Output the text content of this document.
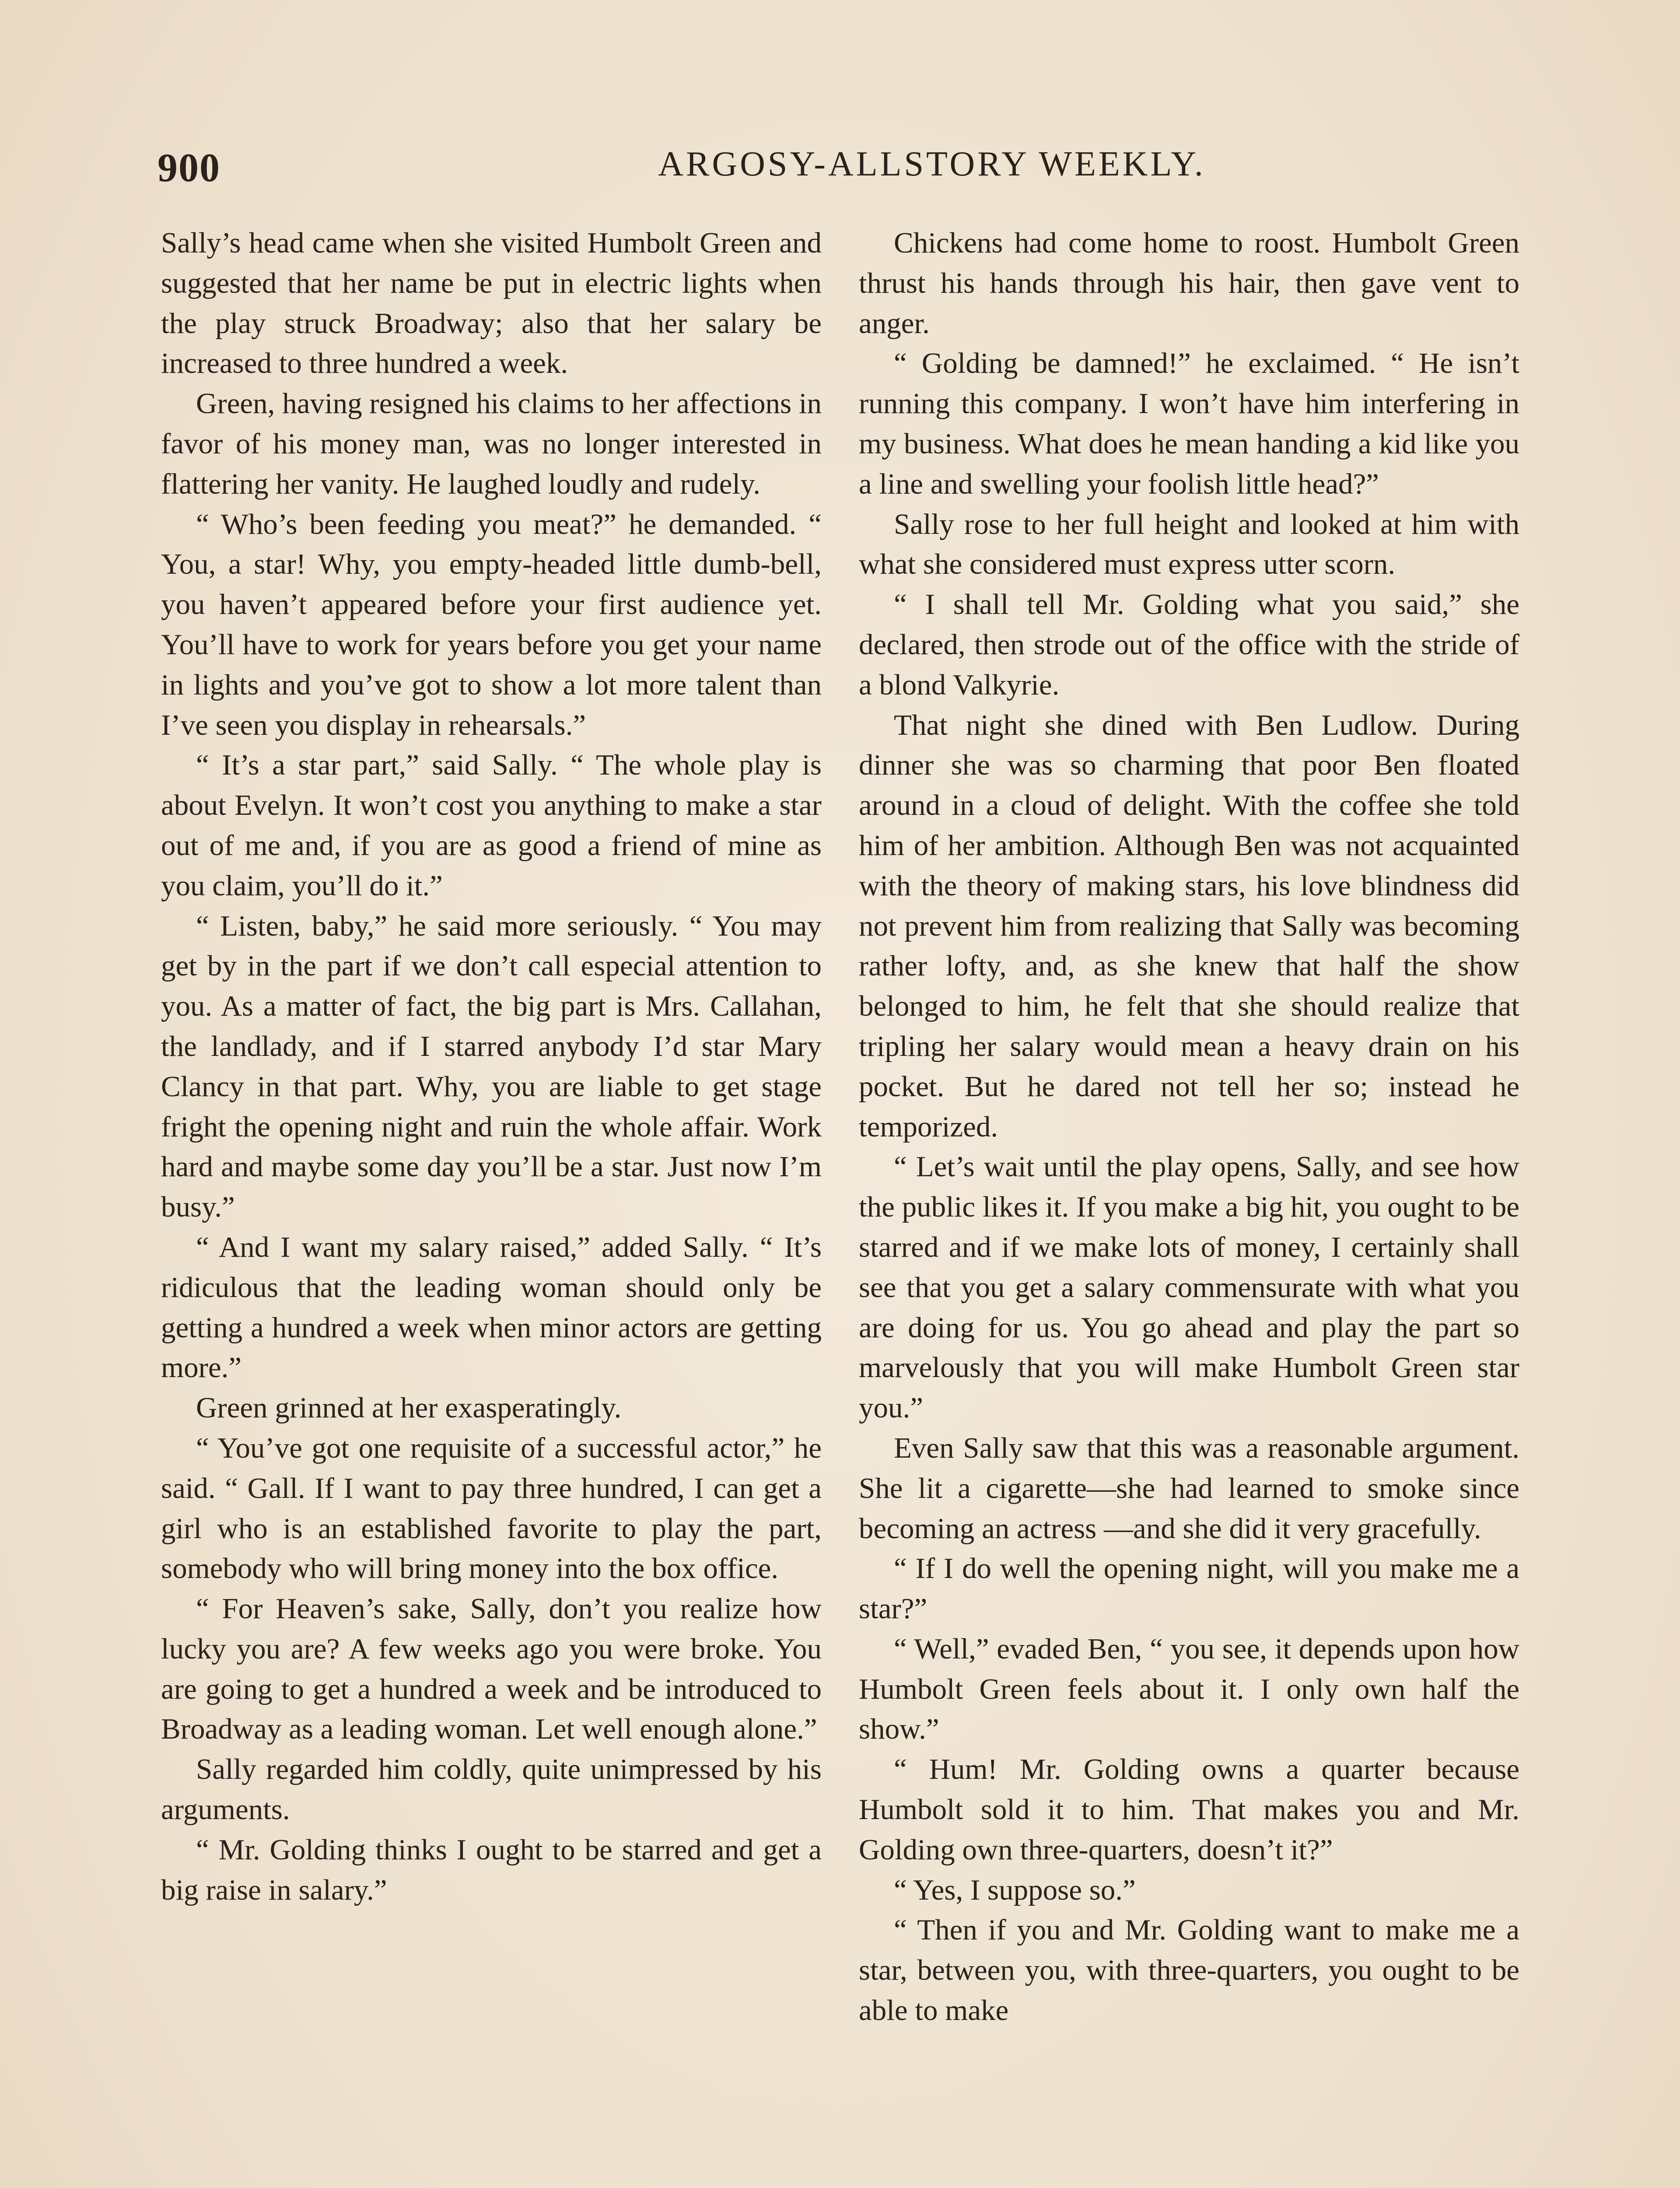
900	ARGOSY-ALLSTORY WEEKLY.

Sally’s head came when she visited Humbolt Green and suggested that her name be put in electric lights when the play struck Broadway; also that her salary be increased to three hundred a week.

Green, having resigned his claims to her affections in favor of his money man, was no longer interested in flattering her vanity. He laughed loudly and rudely.

“ Who’s been feeding you meat?” he demanded. “ You, a star! Why, you empty-headed little dumb-bell, you haven’t appeared before your first audience yet. You’ll have to work for years before you get your name in lights and you’ve got to show a lot more talent than I’ve seen you display in rehearsals.”

“ It’s a star part,” said Sally. “ The whole play is about Evelyn. It won’t cost you anything to make a star out of me and, if you are as good a friend of mine as you claim, you’ll do it.”

“ Listen, baby,” he said more seriously. “ You may get by in the part if we don’t call especial attention to you. As a matter of fact, the big part is Mrs. Callahan, the landlady, and if I starred anybody I’d star Mary Clancy in that part. Why, you are liable to get stage fright the opening night and ruin the whole affair. Work hard and maybe some day you’ll be a star. Just now I’m busy.”

“ And I want my salary raised,” added Sally. “ It’s ridiculous that the leading woman should only be getting a hundred a week when minor actors are getting more.”

Green grinned at her exasperatingly.

“ You’ve got one requisite of a successful actor,” he said. “ Gall. If I want to pay three hundred, I can get a girl who is an established favorite to play the part, somebody who will bring money into the box office.

“ For Heaven’s sake, Sally, don’t you realize how lucky you are? A few weeks ago you were broke. You are going to get a hundred a week and be introduced to Broadway as a leading woman. Let well enough alone.”

Sally regarded him coldly, quite unimpressed by his arguments.

“ Mr. Golding thinks I ought to be starred and get a big raise in salary.”

Chickens had come home to roost. Humbolt Green thrust his hands through his hair, then gave vent to anger.

“ Golding be damned!” he exclaimed. “ He isn’t running this company. I won’t have him interfering in my business. What does he mean handing a kid like you a line and swelling your foolish little head?”

Sally rose to her full height and looked at him with what she considered must express utter scorn.

“ I shall tell Mr. Golding what you said,” she declared, then strode out of the office with the stride of a blond Valkyrie.

That night she dined with Ben Ludlow. During dinner she was so charming that poor Ben floated around in a cloud of delight. With the coffee she told him of her ambition. Although Ben was not acquainted with the theory of making stars, his love blindness did not prevent him from realizing that Sally was becoming rather lofty, and, as she knew that half the show belonged to him, he felt that she should realize that tripling her salary would mean a heavy drain on his pocket. But he dared not tell her so; instead he temporized.

“ Let’s wait until the play opens, Sally, and see how the public likes it. If you make a big hit, you ought to be starred and if we make lots of money, I certainly shall see that you get a salary commensurate with what you are doing for us. You go ahead and play the part so marvelously that you will make Humbolt Green star you.”

Even Sally saw that this was a reasonable argument. She lit a cigarette—she had learned to smoke since becoming an actress —and she did it very gracefully.

“ If I do well the opening night, will you make me a star?”

“ Well,” evaded Ben, “ you see, it depends upon how Humbolt Green feels about it. I only own half the show.”

“ Hum! Mr. Golding owns a quarter because Humbolt sold it to him. That makes you and Mr. Golding own three-quarters, doesn’t it?”

“ Yes, I suppose so.”

“ Then if you and Mr. Golding want to make me a star, between you, with three-quarters, you ought to be able to make
